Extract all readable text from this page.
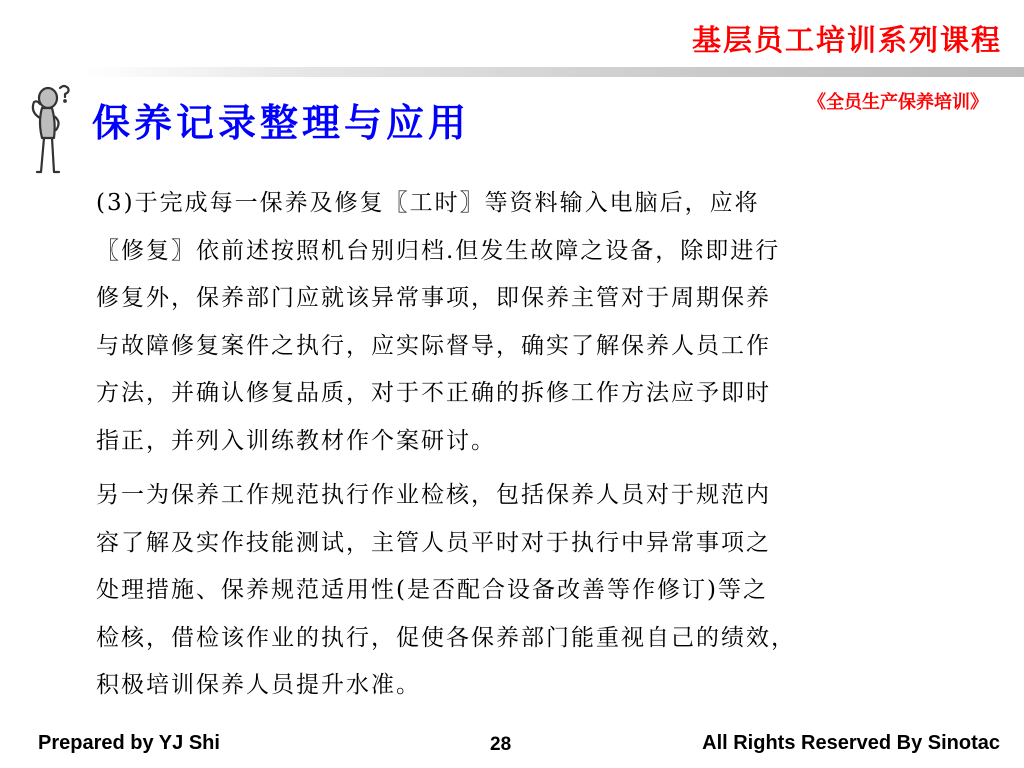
基层员工培训系列课程
《全员生产保养培训》
保养记录整理与应用
(3)于完成每一保养及修复〖工时〗等资料输入电脑后，应将
〖修复〗依前述按照机台别归档.但发生故障之设备，除即进行
修复外，保养部门应就该异常事项，即保养主管对于周期保养
与故障修复案件之执行，应实际督导，确实了解保养人员工作
方法，并确认修复品质，对于不正确的拆修工作方法应予即时
指正，并列入训练教材作个案研讨。
另一为保养工作规范执行作业检核，包括保养人员对于规范内
容了解及实作技能测试，主管人员平时对于执行中异常事项之
处理措施、保养规范适用性(是否配合设备改善等作修订)等之
检核，借检该作业的执行，促使各保养部门能重视自己的绩效，
积极培训保养人员提升水准。
Prepared by YJ Shi	28	All Rights Reserved By Sinotac
